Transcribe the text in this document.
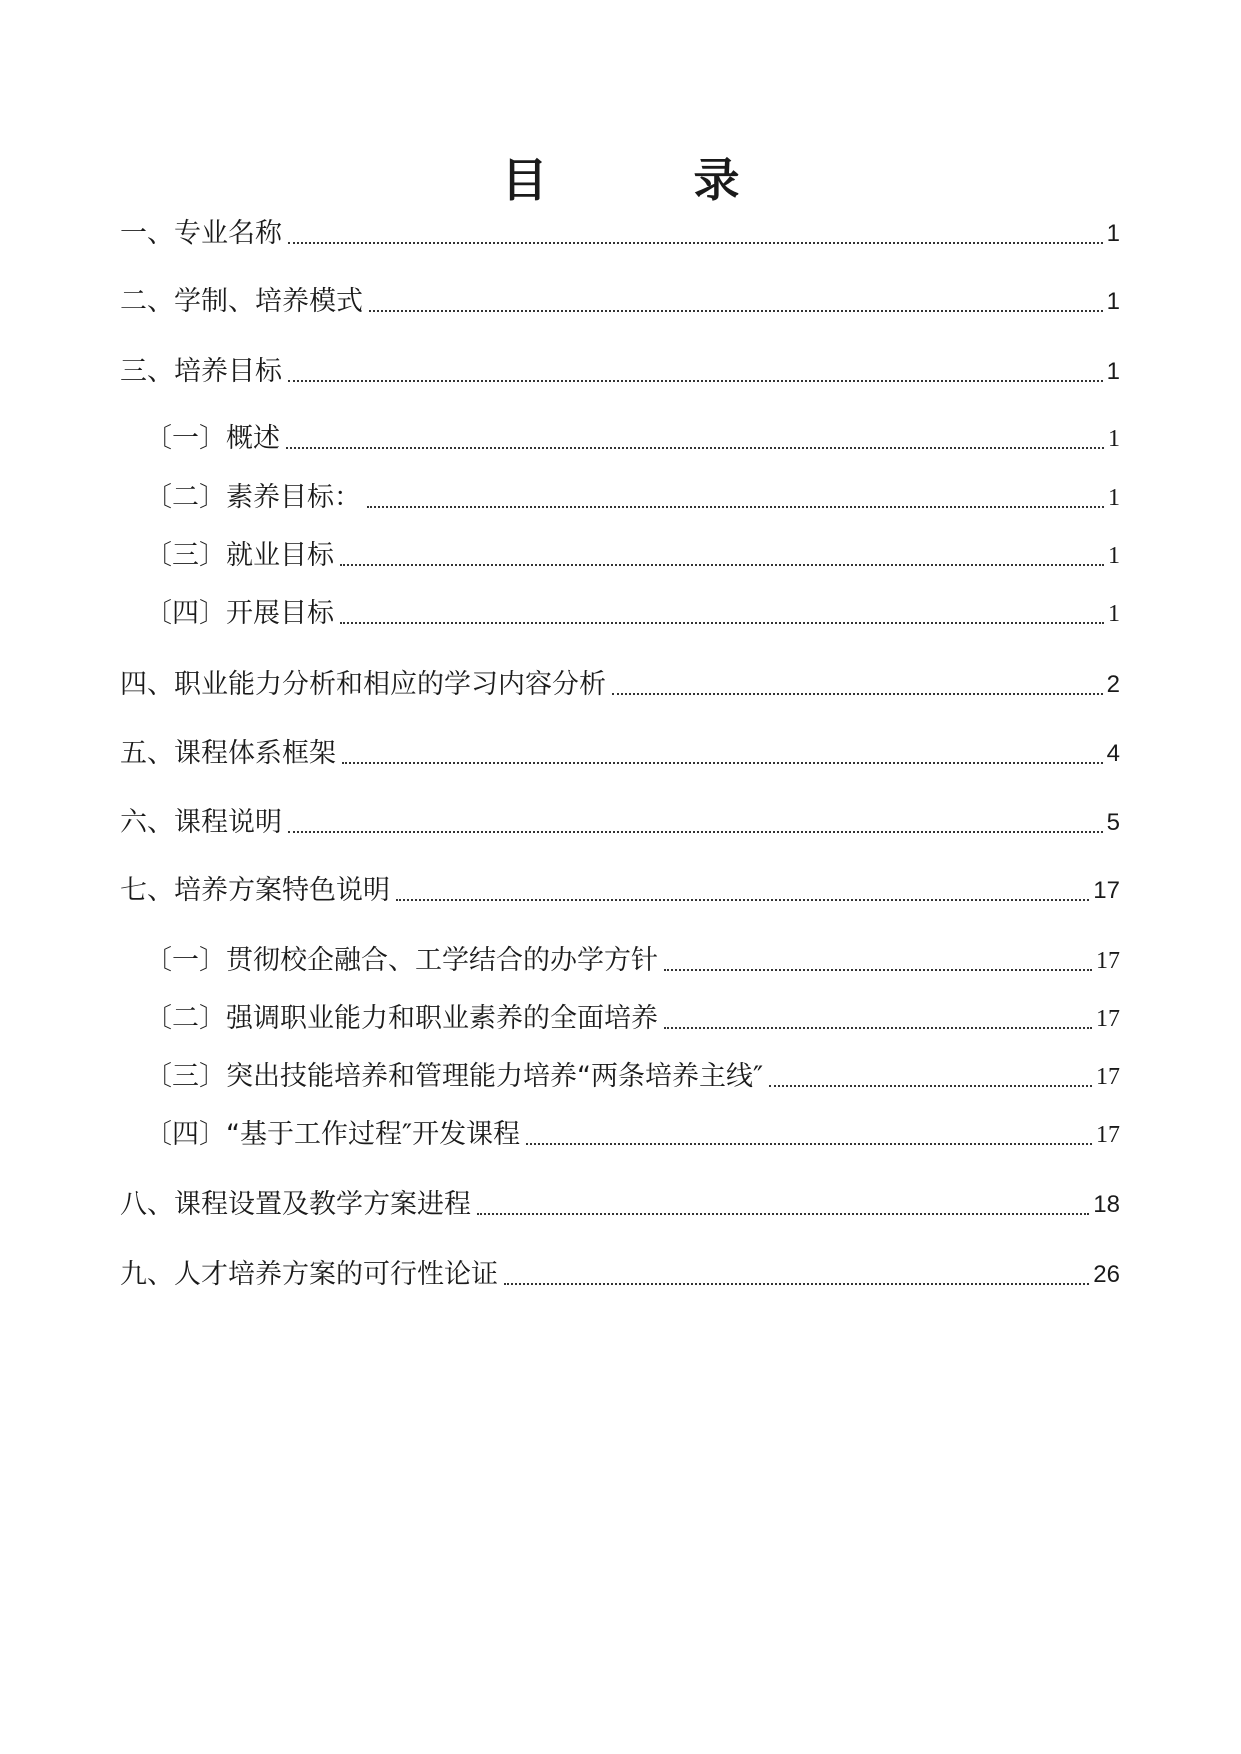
目　录
一、专业名称	1
二、学制、培养模式	1
三、培养目标	1
〔一〕概述	1
〔二〕素养目标：	1
〔三〕就业目标	1
〔四〕开展目标	1
四、职业能力分析和相应的学习内容分析	2
五、课程体系框架	4
六、课程说明	5
七、培养方案特色说明	17
〔一〕贯彻校企融合、工学结合的办学方针	17
〔二〕强调职业能力和职业素养的全面培养	17
〔三〕突出技能培养和管理能力培养“两条培养主线″	17
〔四〕“基于工作过程″开发课程	17
八、课程设置及教学方案进程	18
九、人才培养方案的可行性论证	26
